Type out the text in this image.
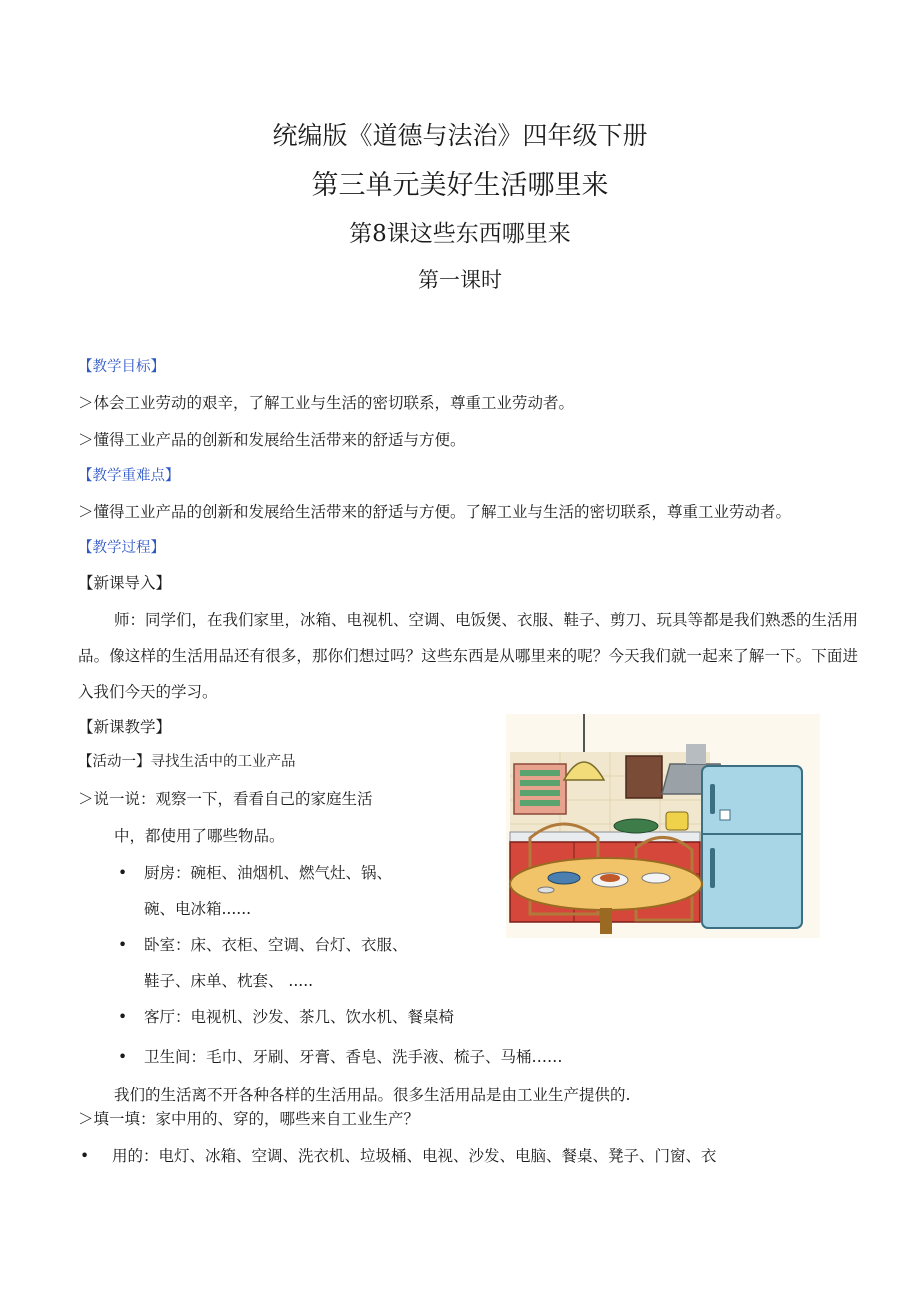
统编版《道德与法治》四年级下册
第三单元美好生活哪里来
第8课这些东西哪里来
第一课时
【教学目标】
＞体会工业劳动的艰辛，了解工业与生活的密切联系，尊重工业劳动者。
＞懂得工业产品的创新和发展给生活带来的舒适与方便。
【教学重难点】
＞懂得工业产品的创新和发展给生活带来的舒适与方便。了解工业与生活的密切联系，尊重工业劳动者。
【教学过程】
【新课导入】
师：同学们，在我们家里，冰箱、电视机、空调、电饭煲、衣服、鞋子、剪刀、玩具等都是我们熟悉的生活用品。像这样的生活用品还有很多，那你们想过吗？这些东西是从哪里来的呢？今天我们就一起来了解一下。下面进入我们今天的学习。
【新课教学】
【活动一】寻找生活中的工业产品
＞说一说：观察一下，看看自己的家庭生活
中，都使用了哪些物品。
•	厨房：碗柜、油烟机、燃气灶、锅、
碗、电冰箱......
•	卧室：床、衣柜、空调、台灯、衣服、
鞋子、床单、枕套、 .....
•	客厅：电视机、沙发、茶几、饮水机、餐桌椅
•	卫生间：毛巾、牙刷、牙膏、香皂、洗手液、梳子、马桶……
我们的生活离不开各种各样的生活用品。很多生活用品是由工业生产提供的.
＞填一填：家中用的、穿的，哪些来自工业生产？
•	用的：电灯、冰箱、空调、洗衣机、垃圾桶、电视、沙发、电脑、餐桌、凳子、门窗、衣
